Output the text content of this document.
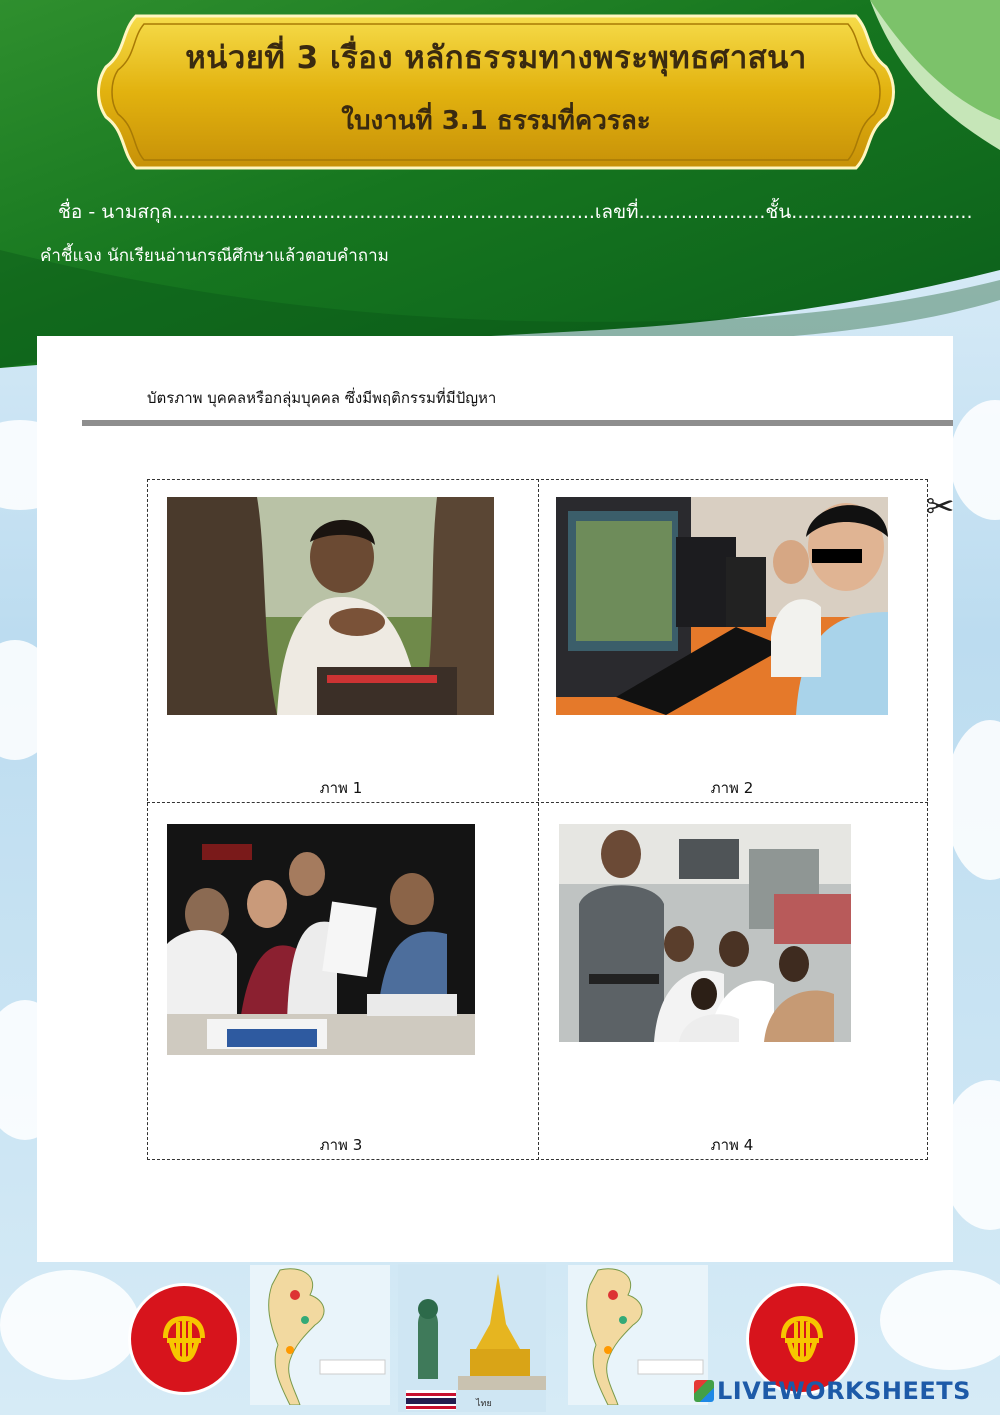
หน่วยที่ 3 เรื่อง หลักธรรมทางพระพุทธศาสนา
ใบงานที่ 3.1 ธรรมที่ควรละ
ชื่อ - นามสกุล......................................................................เลขที่.....................ชั้น..............................
คำชี้แจง นักเรียนอ่านกรณีศึกษาแล้วตอบคำถาม
บัตรภาพ บุคคลหรือกลุ่มบุคคล ซึ่งมีพฤติกรรมที่มีปัญหา
✂
ภาพ 1	ภาพ 2
ภาพ 3	ภาพ 4
ไทย	LIVEWORKSHEETS
